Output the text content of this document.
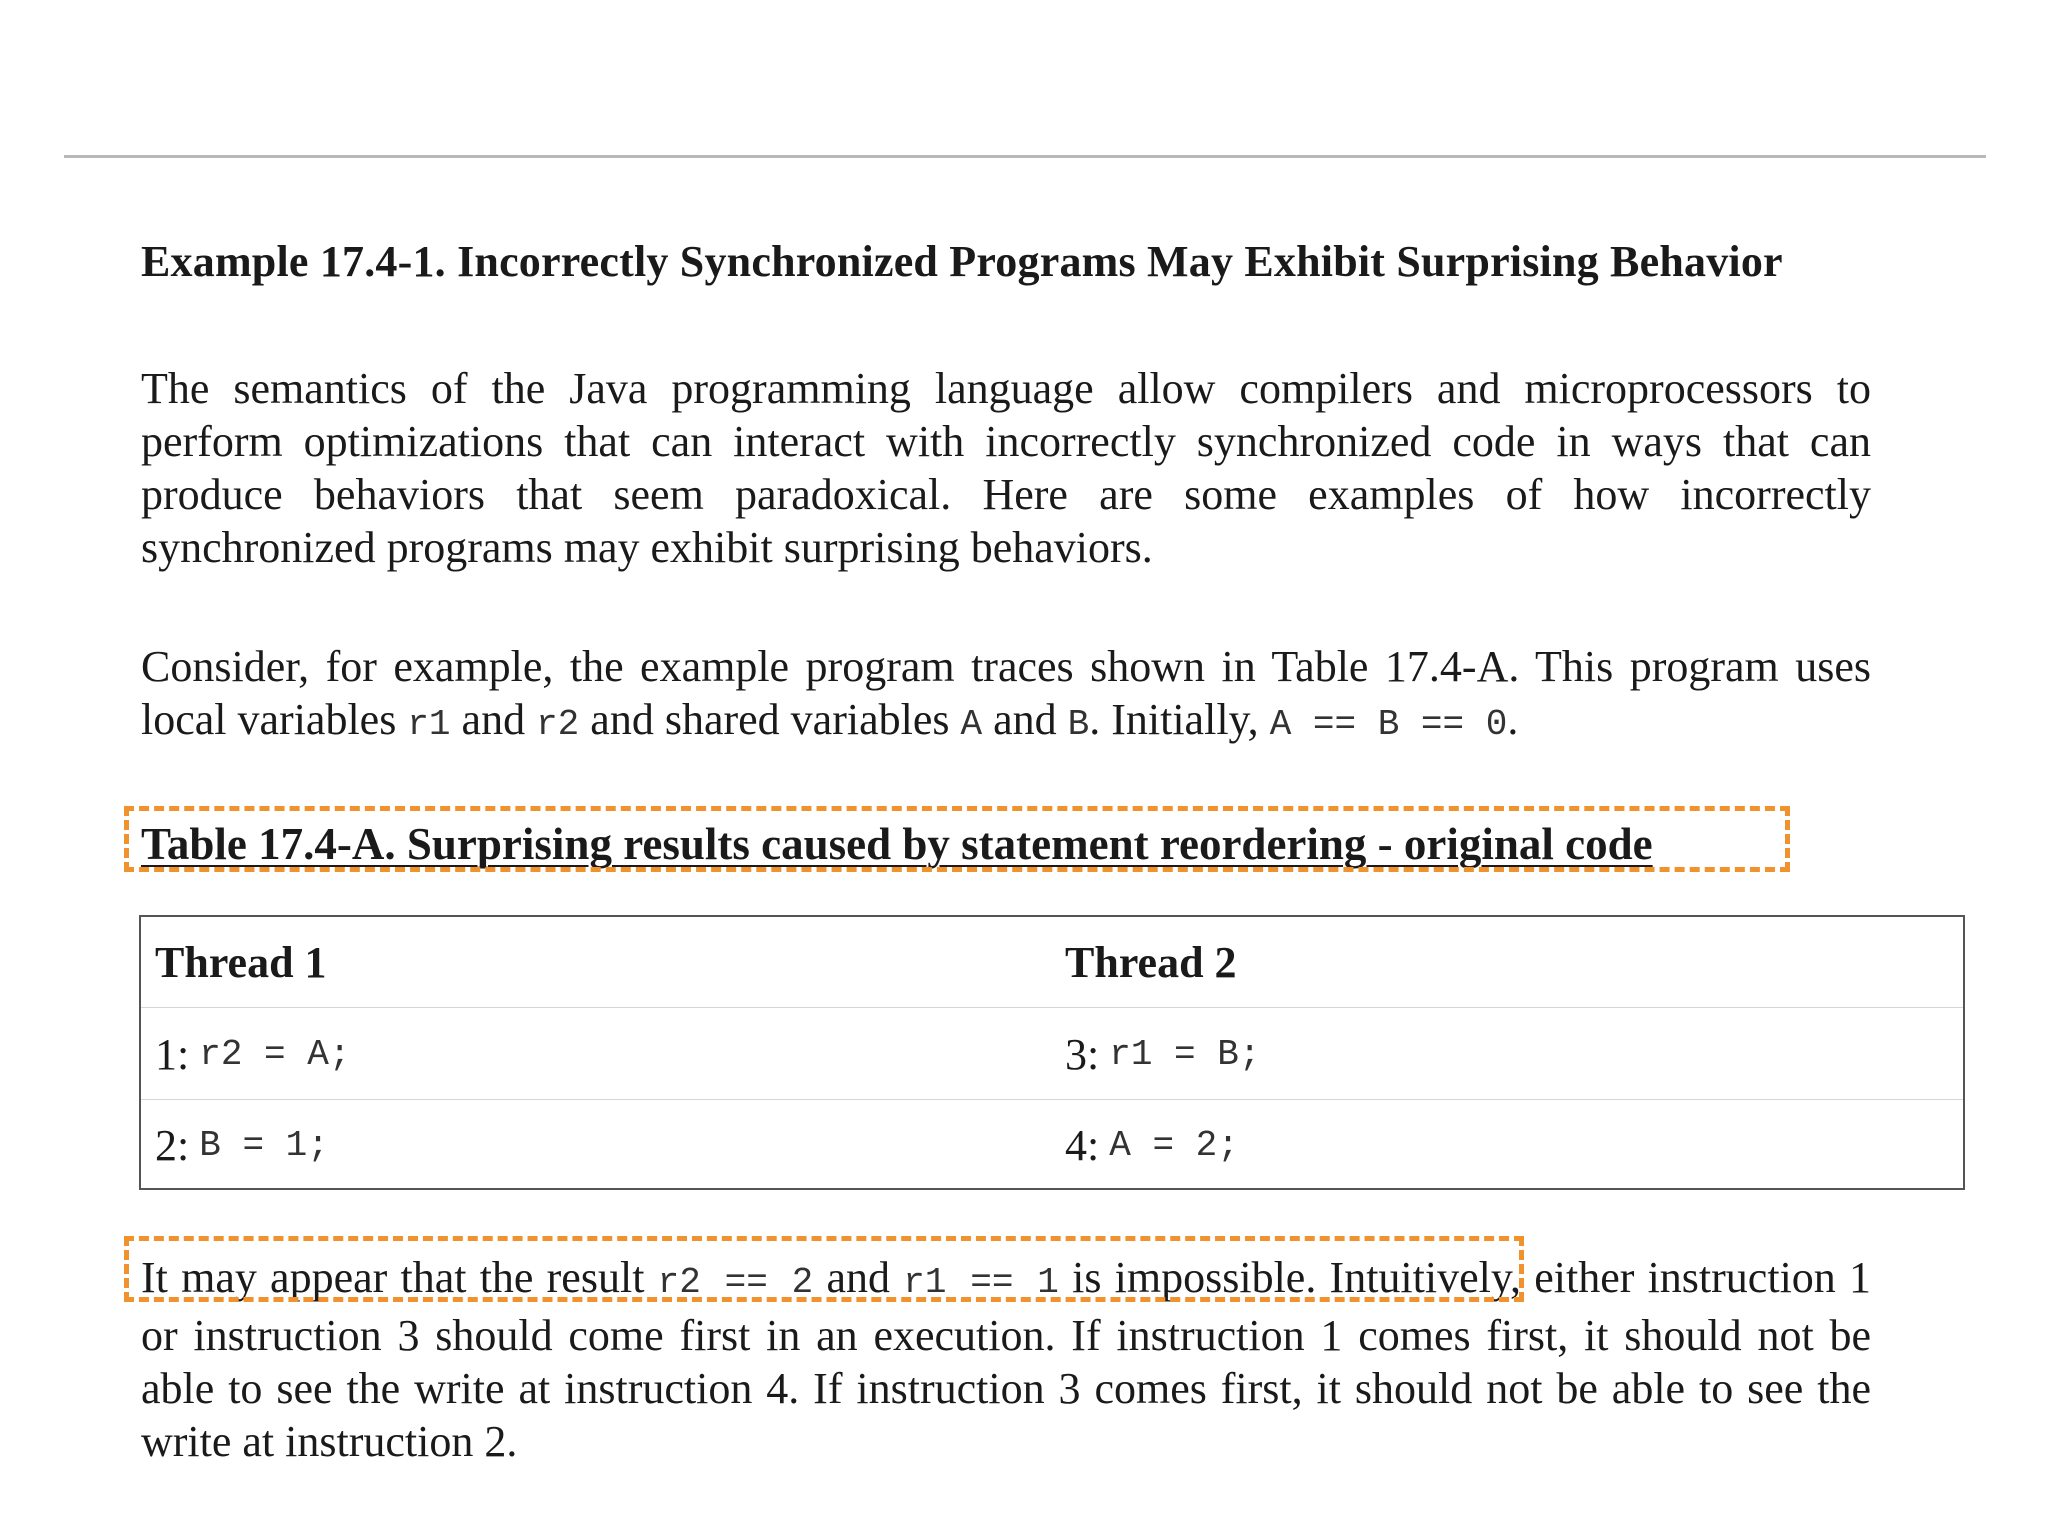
Example 17.4-1. Incorrectly Synchronized Programs May Exhibit Surprising Behavior
The semantics of the Java programming language allow compilers and microprocessors to perform optimizations that can interact with incorrectly synchronized code in ways that can produce behaviors that seem paradoxical. Here are some examples of how incorrectly synchronized programs may exhibit surprising behaviors.
Consider, for example, the example program traces shown in Table 17.4-A. This program uses local variables r1 and r2 and shared variables A and B. Initially, A == B == 0.
Table 17.4-A. Surprising results caused by statement reordering - original code
Thread 1	Thread 2
1: r2 = A;	3: r1 = B;
2: B = 1;	4: A = 2;
It may appear that the result r2 == 2 and r1 == 1 is impossible. Intuitively, either instruction 1 or instruction 3 should come first in an execution. If instruction 1 comes first, it should not be able to see the write at instruction 4. If instruction 3 comes first, it should not be able to see the write at instruction 2.
